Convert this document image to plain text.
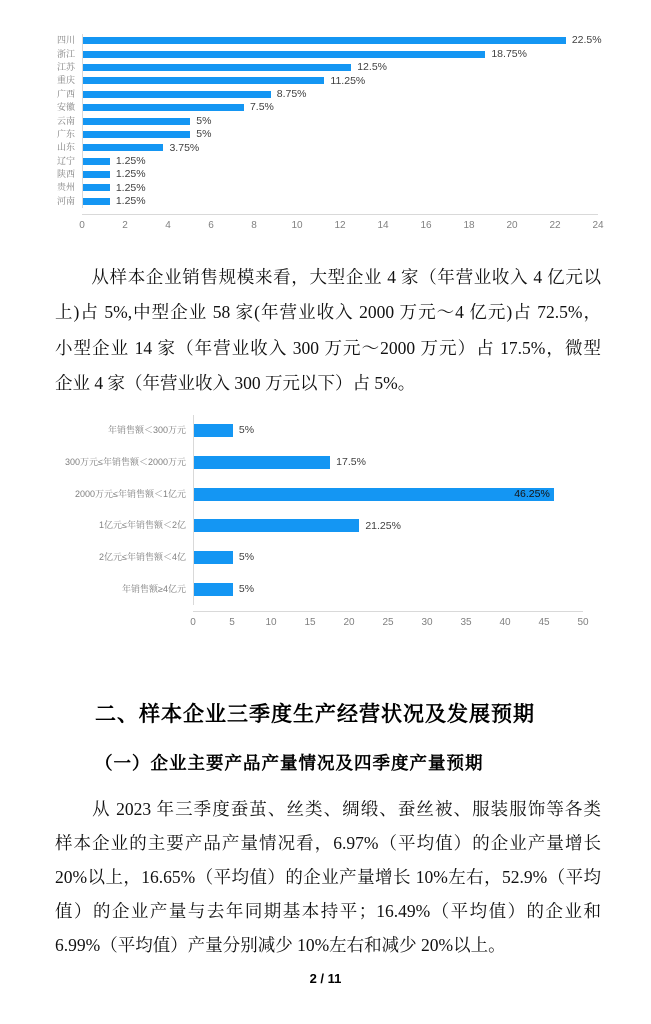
四川	22.5%
浙江	18.75%
江苏	12.5%
重庆	11.25%
广西	8.75%
安徽	7.5%
云南	5%
广东	5%
山东	3.75%
辽宁	1.25%
陕西	1.25%
贵州	1.25%
河南	1.25%
0	2	4	6	8	10	12	14	16	18	20	22	24
　　从样本企业销售规模来看，大型企业 4 家（年营业收入 4 亿元以
上)占 5%,中型企业 58 家(年营业收入 2000 万元～4 亿元)占 72.5%，
小型企业 14 家（年营业收入 300 万元～2000 万元）占 17.5%，微型
企业 4 家（年营业收入 300 万元以下）占 5%。
年销售额＜300万元	5%
300万元≤年销售额＜2000万元	17.5%
2000万元≤年销售额＜1亿元	46.25%
1亿元≤年销售额＜2亿	21.25%
2亿元≤年销售额＜4亿	5%
年销售额≥4亿元	5%
0	5	10	15	20	25	30	35	40	45	50
二、样本企业三季度生产经营状况及发展预期
（一）企业主要产品产量情况及四季度产量预期
　　从 2023 年三季度蚕茧、丝类、绸缎、蚕丝被、服装服饰等各类
样本企业的主要产品产量情况看，6.97%（平均值）的企业产量增长
20%以上，16.65%（平均值）的企业产量增长 10%左右，52.9%（平均
值）的企业产量与去年同期基本持平；16.49%（平均值）的企业和
6.99%（平均值）产量分别减少 10%左右和减少 20%以上。
2 / 11
